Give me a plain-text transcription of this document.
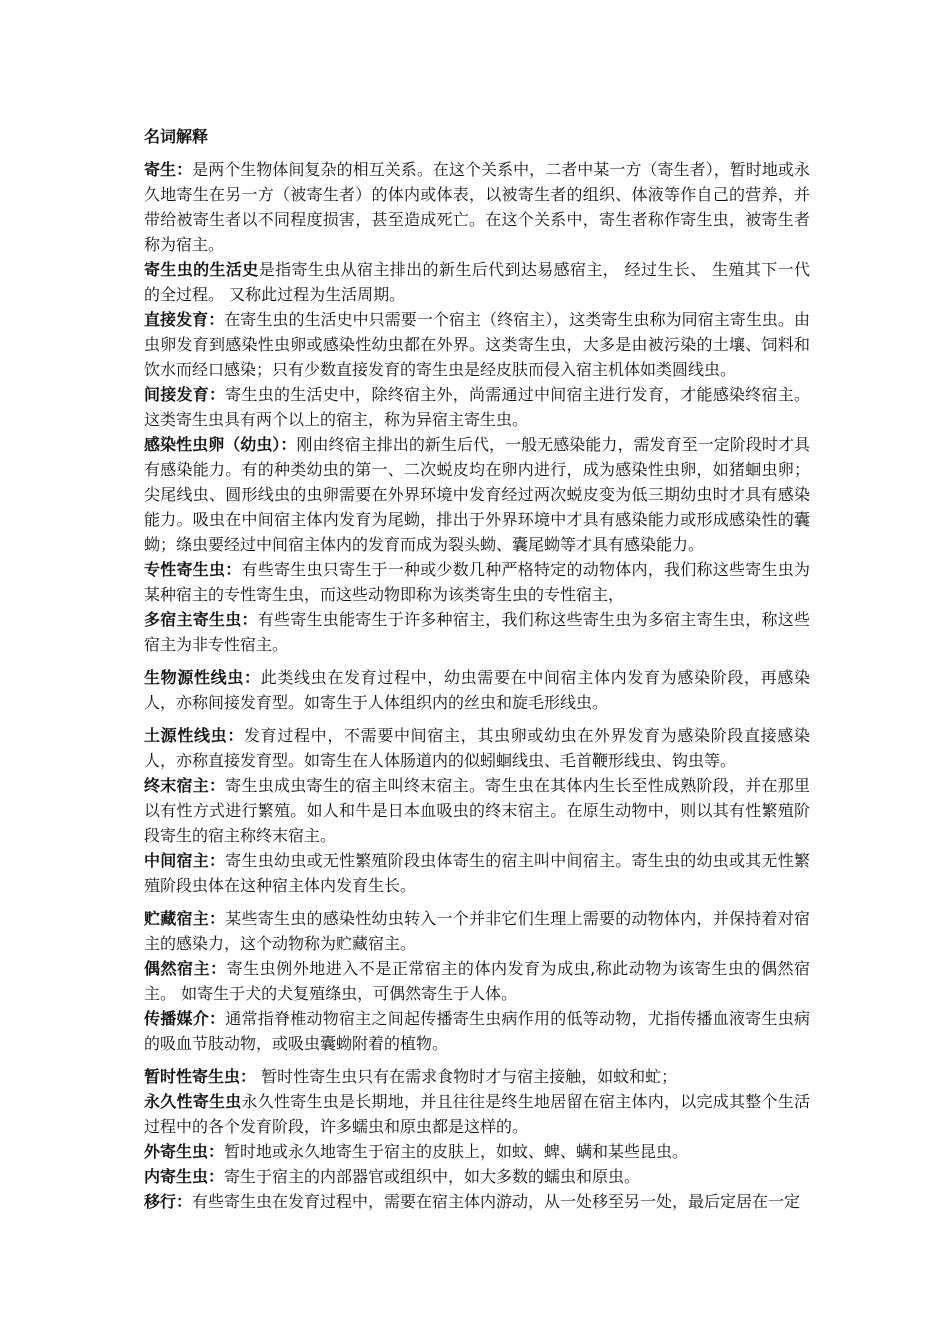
名词解释

寄生：是两个生物体间复杂的相互关系。在这个关系中，二者中某一方（寄生者），暂时地或永久地寄生在另一方（被寄生者）的体内或体表，以被寄生者的组织、体液等作自己的营养，并带给被寄生者以不同程度损害，甚至造成死亡。在这个关系中，寄生者称作寄生虫，被寄生者称为宿主。

寄生虫的生活史是指寄生虫从宿主排出的新生后代到达易感宿主， 经过生长、 生殖其下一代的全过程。 又称此过程为生活周期。

直接发育：在寄生虫的生活史中只需要一个宿主（终宿主），这类寄生虫称为同宿主寄生虫。由虫卵发育到感染性虫卵或感染性幼虫都在外界。这类寄生虫，大多是由被污染的土壤、饲料和饮水而经口感染；只有少数直接发育的寄生虫是经皮肤而侵入宿主机体如类圆线虫。

间接发育：寄生虫的生活史中，除终宿主外，尚需通过中间宿主进行发育，才能感染终宿主。这类寄生虫具有两个以上的宿主，称为异宿主寄生虫。

感染性虫卵（幼虫）：刚由终宿主排出的新生后代，一般无感染能力，需发育至一定阶段时才具有感染能力。有的种类幼虫的第一、二次蜕皮均在卵内进行，成为感染性虫卵，如猪蛔虫卵；尖尾线虫、圆形线虫的虫卵需要在外界环境中发育经过两次蜕皮变为低三期幼虫时才具有感染能力。吸虫在中间宿主体内发育为尾蚴，排出于外界环境中才具有感染能力或形成感染性的囊蚴；绦虫要经过中间宿主体内的发育而成为裂头蚴、囊尾蚴等才具有感染能力。

专性寄生虫：有些寄生虫只寄生于一种或少数几种严格特定的动物体内，我们称这些寄生虫为某种宿主的专性寄生虫，而这些动物即称为该类寄生虫的专性宿主，

多宿主寄生虫：有些寄生虫能寄生于许多种宿主，我们称这些寄生虫为多宿主寄生虫，称这些宿主为非专性宿主。

生物源性线虫：此类线虫在发育过程中，幼虫需要在中间宿主体内发育为感染阶段，再感染人，亦称间接发育型。如寄生于人体组织内的丝虫和旋毛形线虫。

土源性线虫：发育过程中，不需要中间宿主，其虫卵或幼虫在外界发育为感染阶段直接感染人，亦称直接发育型。如寄生在人体肠道内的似蚓蛔线虫、毛首鞭形线虫、钩虫等。

终末宿主：寄生虫成虫寄生的宿主叫终末宿主。寄生虫在其体内生长至性成熟阶段，并在那里以有性方式进行繁殖。如人和牛是日本血吸虫的终末宿主。在原生动物中，则以其有性繁殖阶段寄生的宿主称终末宿主。

中间宿主：寄生虫幼虫或无性繁殖阶段虫体寄生的宿主叫中间宿主。寄生虫的幼虫或其无性繁殖阶段虫体在这种宿主体内发育生长。

贮藏宿主：某些寄生虫的感染性幼虫转入一个并非它们生理上需要的动物体内，并保持着对宿主的感染力，这个动物称为贮藏宿主。

偶然宿主：寄生虫例外地进入不是正常宿主的体内发育为成虫,称此动物为该寄生虫的偶然宿主。 如寄生于犬的犬复殖绦虫，可偶然寄生于人体。

传播媒介：通常指脊椎动物宿主之间起传播寄生虫病作用的低等动物，尤指传播血液寄生虫病的吸血节肢动物，或吸虫囊蚴附着的植物。

暂时性寄生虫： 暂时性寄生虫只有在需求食物时才与宿主接触，如蚊和虻；

永久性寄生虫永久性寄生虫是长期地，并且往往是终生地居留在宿主体内，以完成其整个生活过程中的各个发育阶段，许多蠕虫和原虫都是这样的。

外寄生虫：暂时地或永久地寄生于宿主的皮肤上，如蚊、蜱、螨和某些昆虫。

内寄生虫：寄生于宿主的内部器官或组织中，如大多数的蠕虫和原虫。

移行：有些寄生虫在发育过程中，需要在宿主体内游动，从一处移至另一处，最后定居在一定
